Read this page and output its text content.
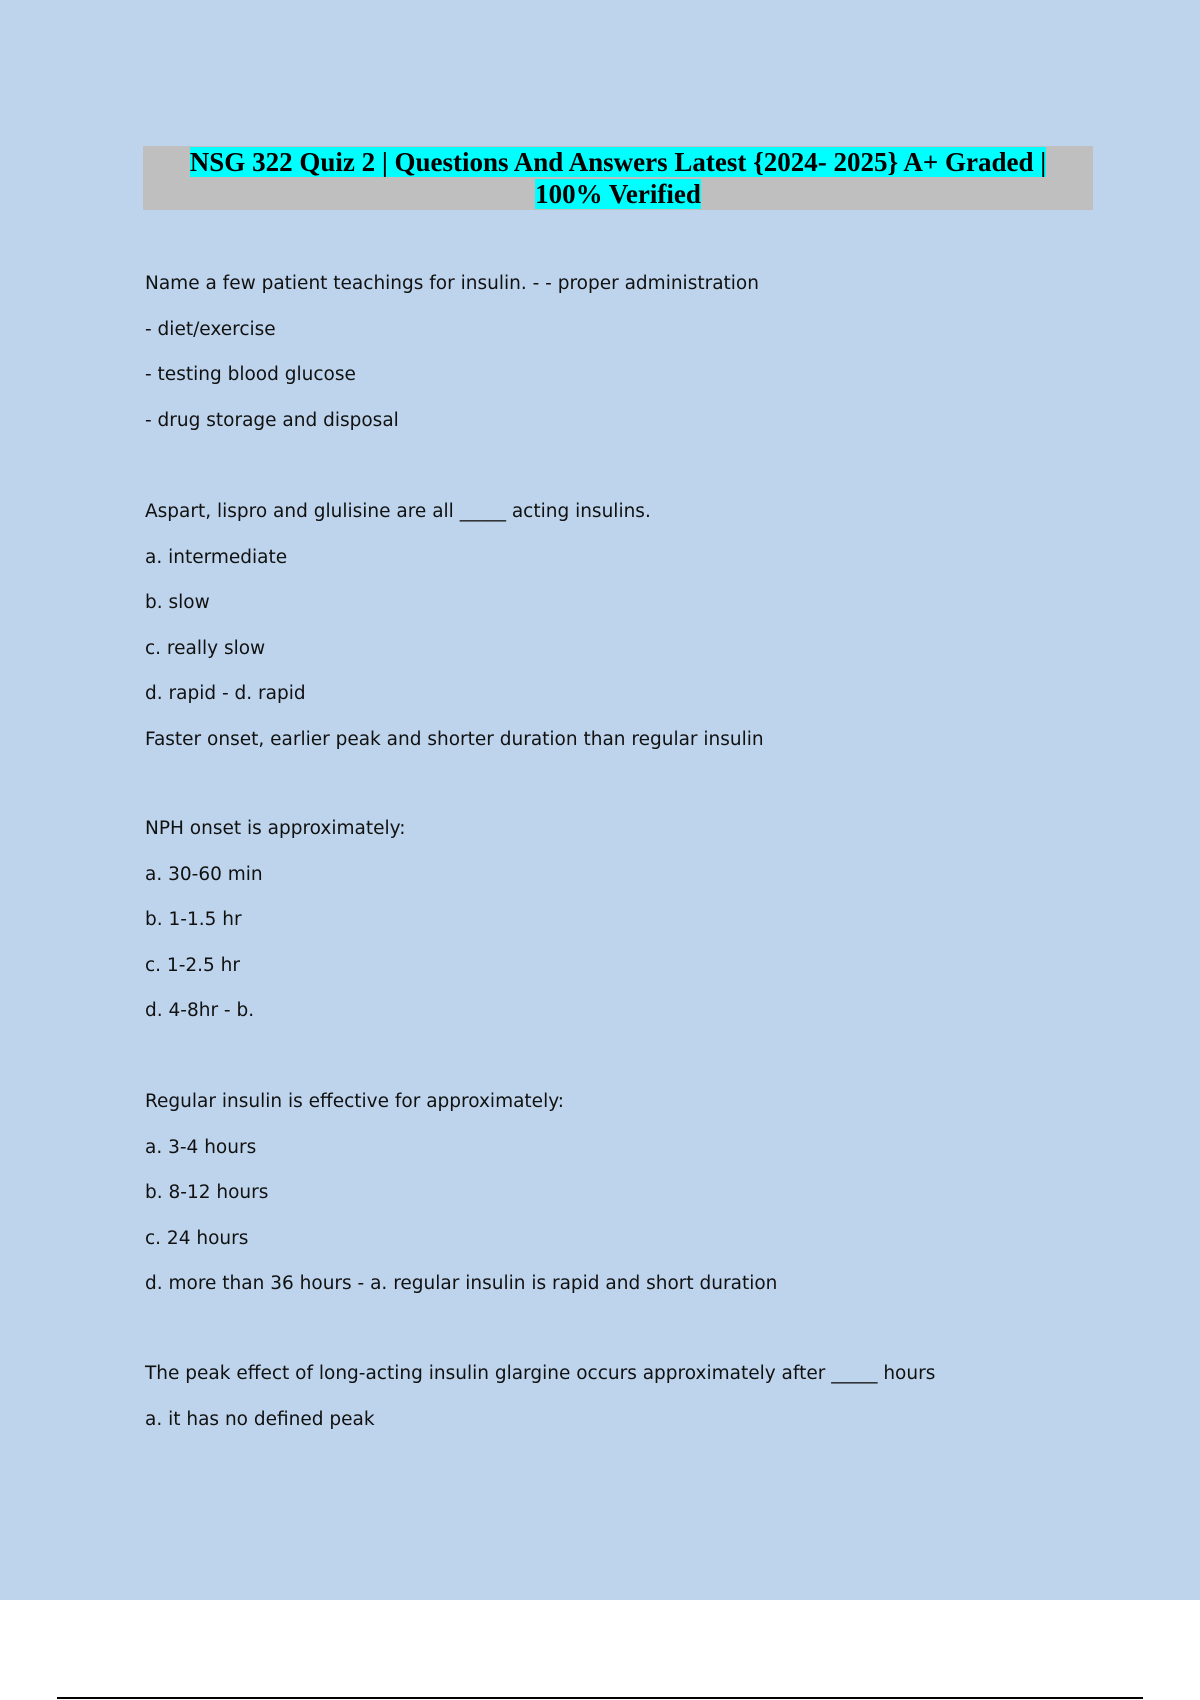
NSG 322 Quiz 2 | Questions And Answers Latest {2024- 2025} A+ Graded |
100% Verified
Name a few patient teachings for insulin. - - proper administration
- diet/exercise
- testing blood glucose
- drug storage and disposal
Aspart, lispro and glulisine are all _____ acting insulins.
a. intermediate
b. slow
c. really slow
d. rapid - d. rapid
Faster onset, earlier peak and shorter duration than regular insulin
NPH onset is approximately:
a. 30-60 min
b. 1-1.5 hr
c. 1-2.5 hr
d. 4-8hr - b.
Regular insulin is effective for approximately:
a. 3-4 hours
b. 8-12 hours
c. 24 hours
d. more than 36 hours - a. regular insulin is rapid and short duration
The peak effect of long-acting insulin glargine occurs approximately after _____ hours
a. it has no defined peak
